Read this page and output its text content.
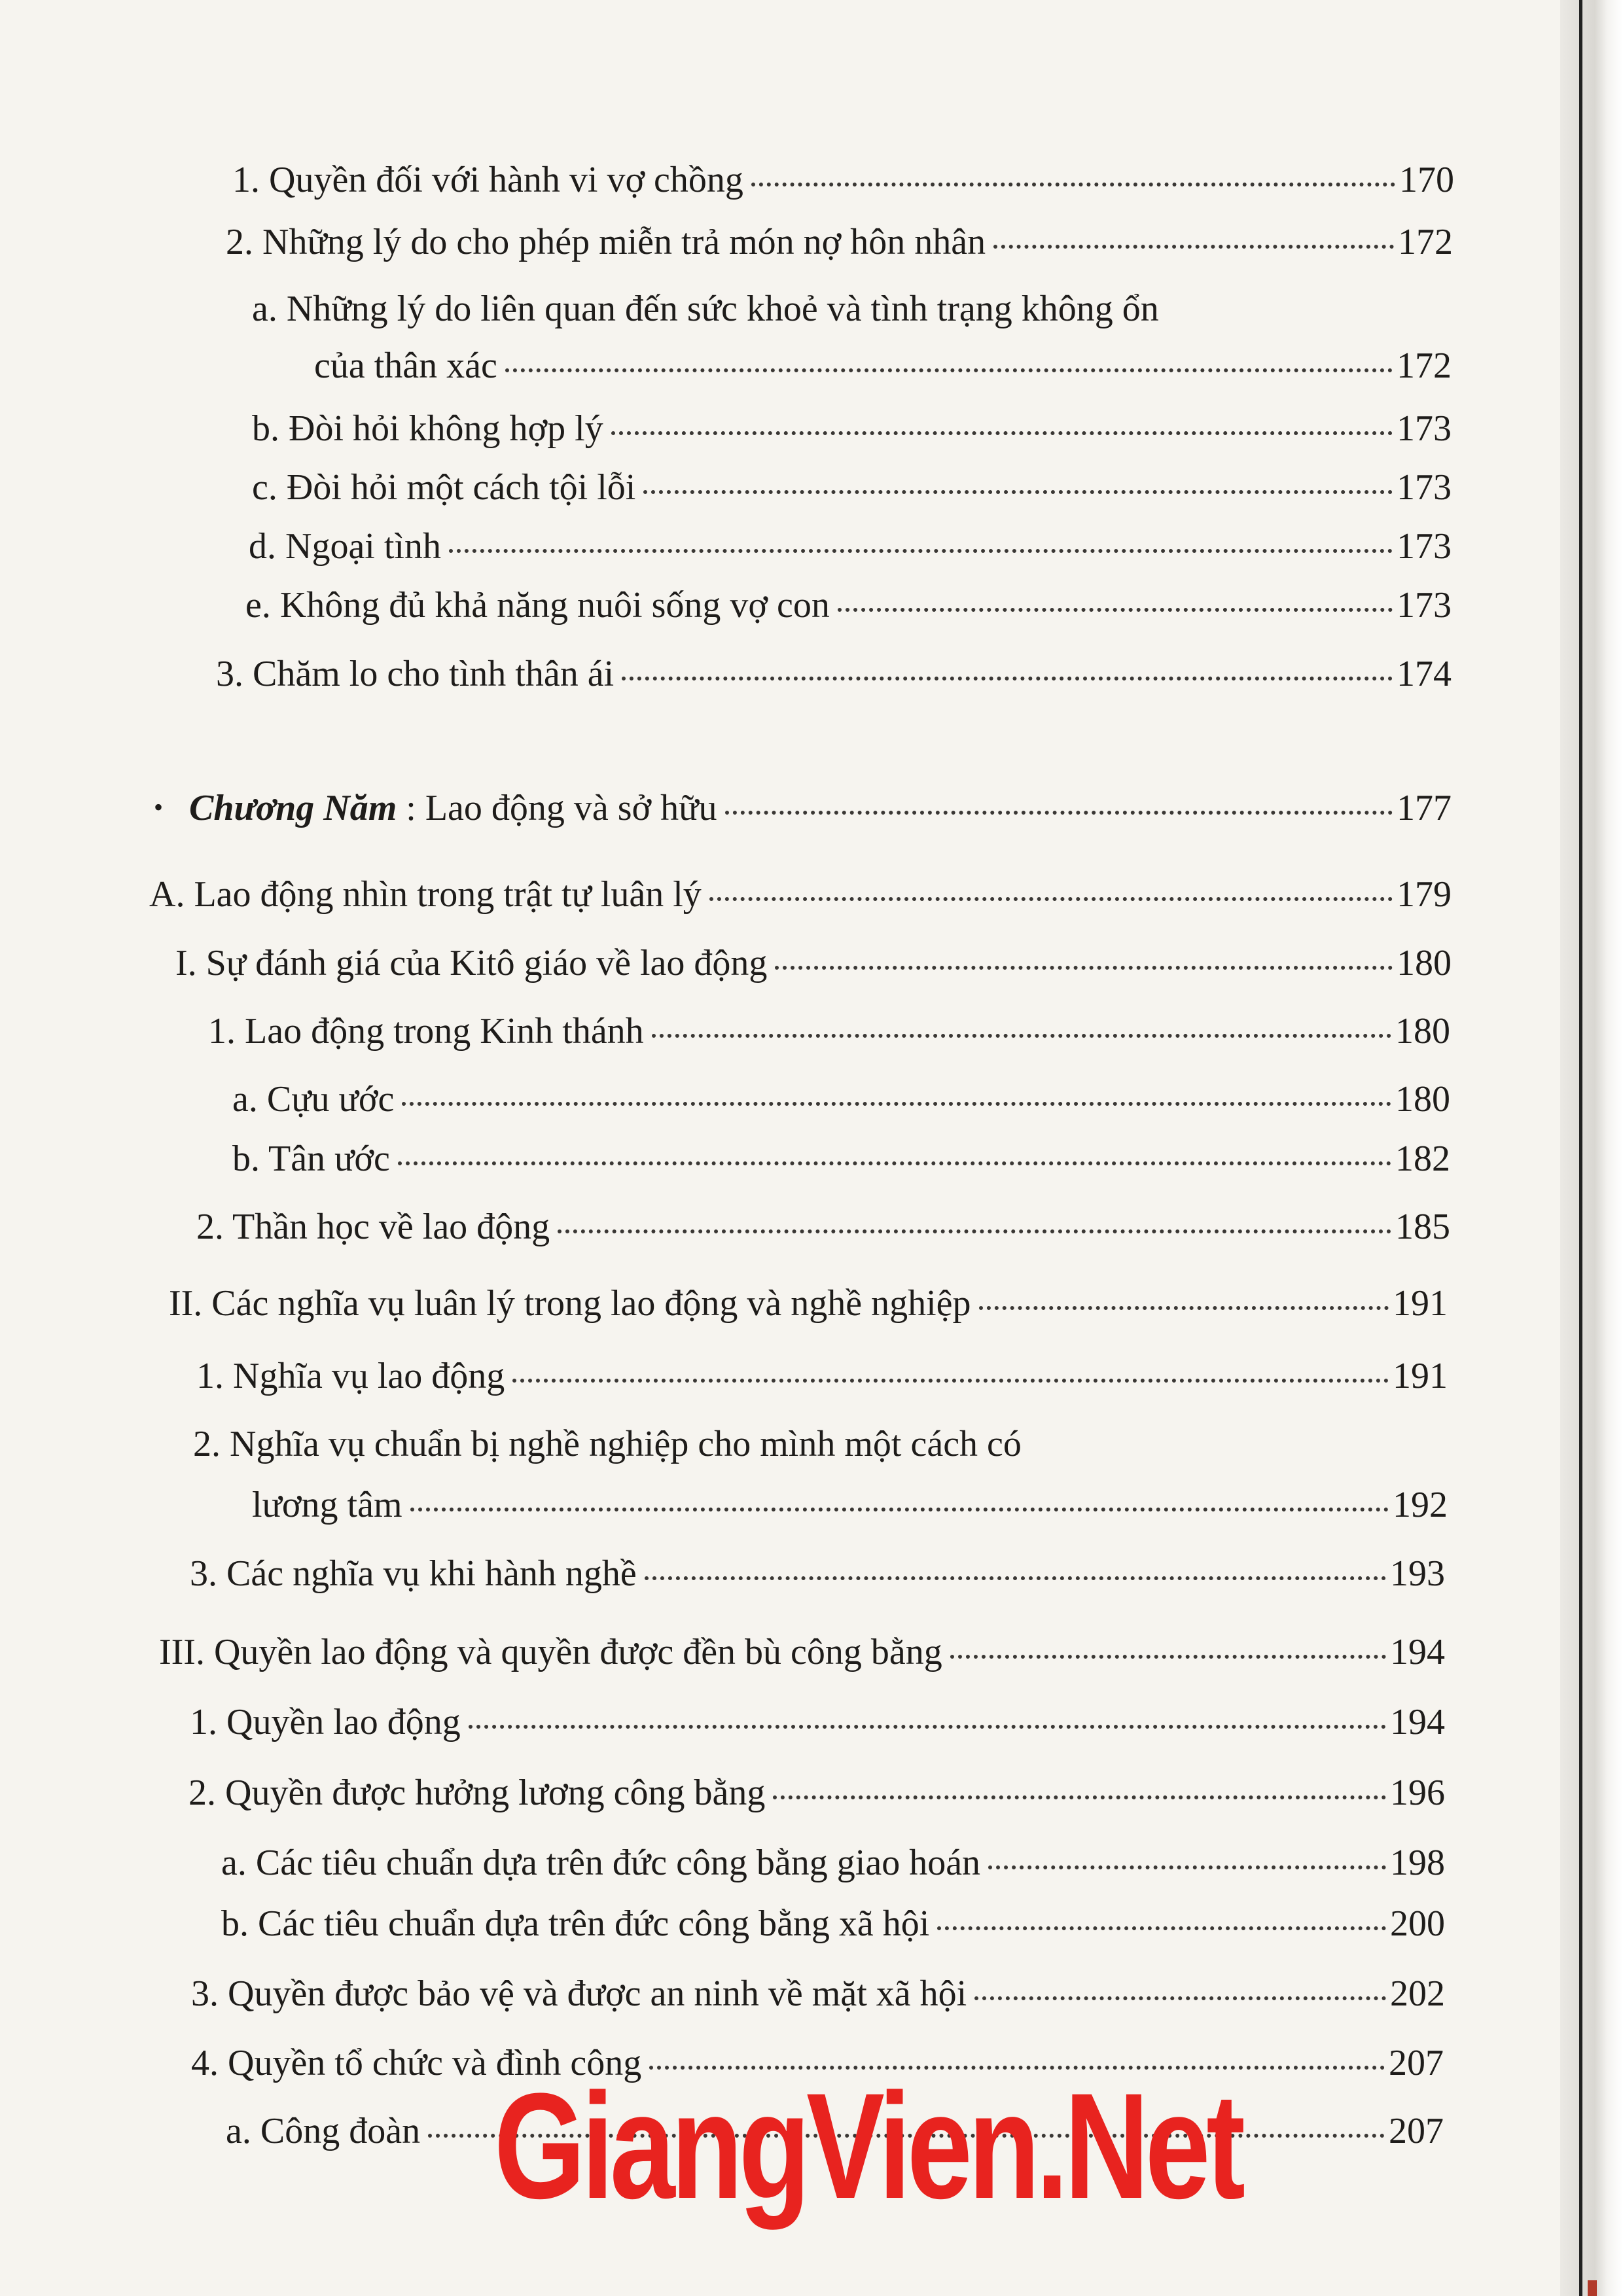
1. Quyền đối với hành vi vợ chồng	170
2. Những lý do cho phép miễn trả món nợ hôn nhân	172
a. Những lý do liên quan đến sức khoẻ và tình trạng không ổn
của thân xác	172
b. Đòi hỏi không hợp lý	173
c. Đòi hỏi một cách tội lỗi	173
d. Ngoại tình	173
e. Không đủ khả năng nuôi sống vợ con	173
3. Chăm lo cho tình thân ái	174
• Chương Năm : Lao động và sở hữu	177
A. Lao động nhìn trong trật tự luân lý	179
I. Sự đánh giá của Kitô giáo về lao động	180
1. Lao động trong Kinh thánh	180
a. Cựu ước	180
b. Tân ước	182
2. Thần học về lao động	185
II. Các nghĩa vụ luân lý trong lao động và nghề nghiệp	191
1. Nghĩa vụ lao động	191
2. Nghĩa vụ chuẩn bị nghề nghiệp cho mình một cách có
lương tâm	192
3. Các nghĩa vụ khi hành nghề	193
III. Quyền lao động và quyền được đền bù công bằng	194
1. Quyền lao động	194
2. Quyền được hưởng lương công bằng	196
a. Các tiêu chuẩn dựa trên đức công bằng giao hoán	198
b. Các tiêu chuẩn dựa trên đức công bằng xã hội	200
3. Quyền được bảo vệ và được an ninh về mặt xã hội	202
4. Quyền tổ chức và đình công	207
a. Công đoàn	207
GiangVien.Net
